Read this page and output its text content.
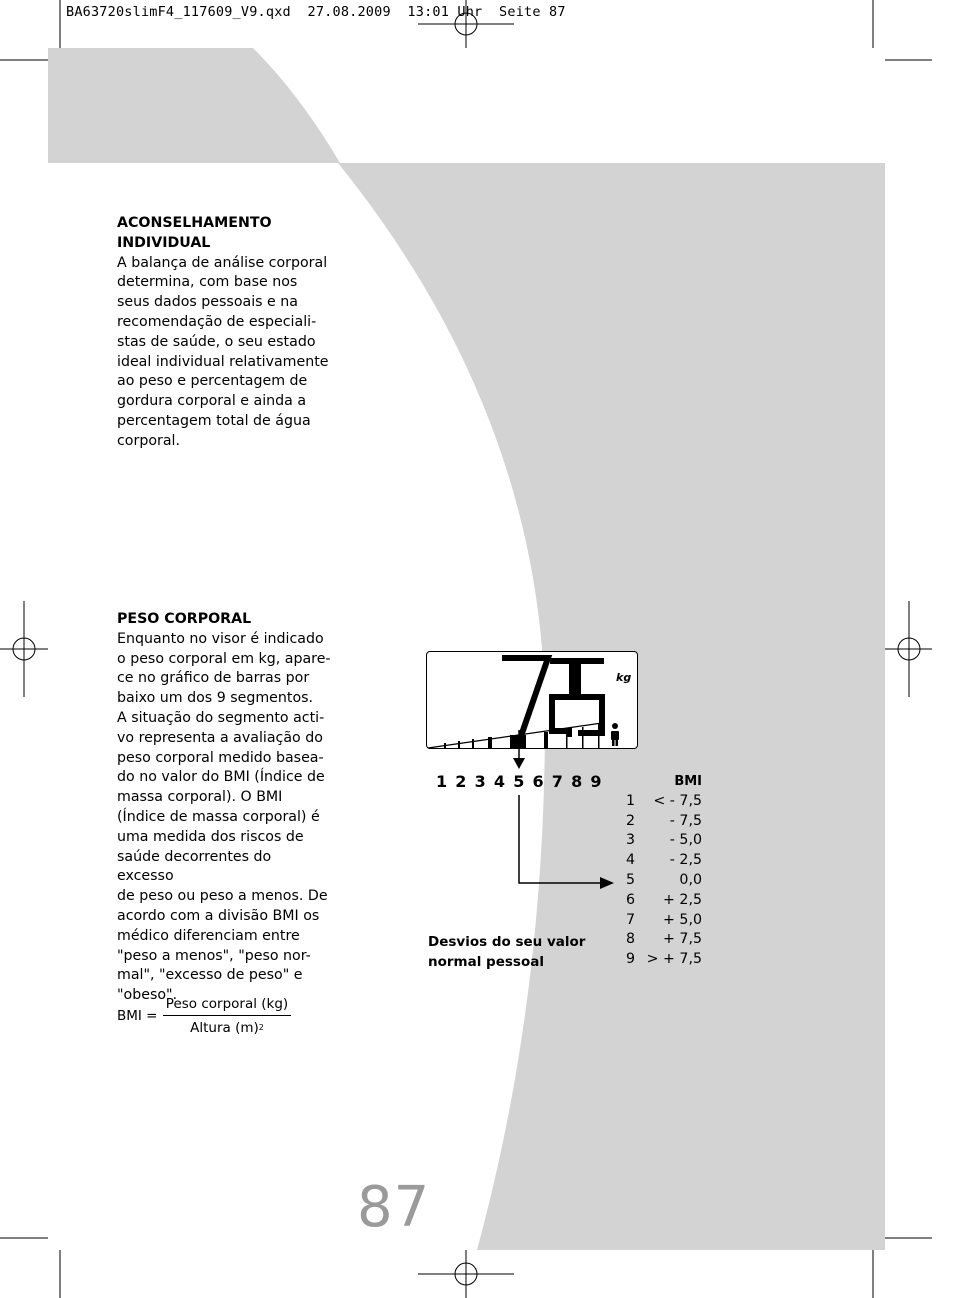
BA63720slimF4_117609_V9.qxd  27.08.2009  13:01 Uhr  Seite 87
ACONSELHAMENTO
INDIVIDUAL
A balança de análise corporal
determina, com base nos
seus dados pessoais e na
recomendação de especiali-
stas de saúde, o seu estado
ideal individual relativamente
ao peso e percentagem de
gordura corporal e ainda a
percentagem total de água
corporal.
PESO CORPORAL
Enquanto no visor é indicado
o peso corporal em kg, apare-
ce no gráfico de barras por
baixo um dos 9 segmentos.
A situação do segmento acti-
vo representa a avaliação do
peso corporal medido basea-
do no valor do BMI (Índice de
massa corporal). O BMI
(Índice de massa corporal) é
uma medida dos riscos de
saúde decorrentes do excesso
de peso ou peso a menos. De
acordo com a divisão BMI os
médico diferenciam entre
"peso a menos", "peso nor-
mal", "excesso de peso" e
"obeso".
BMI =
Peso corporal (kg)
Altura $(m)^2$
kg
1 2 3 4 5 6 7 8 9	BMI
1	< - 7,5
2	- 7,5
3	- 5,0
4	- 2,5
5	0,0
6	+ 2,5
7	+ 5,0
8	+ 7,5
9 > + 7,5
Desvios do seu valor
normal pessoal
87
